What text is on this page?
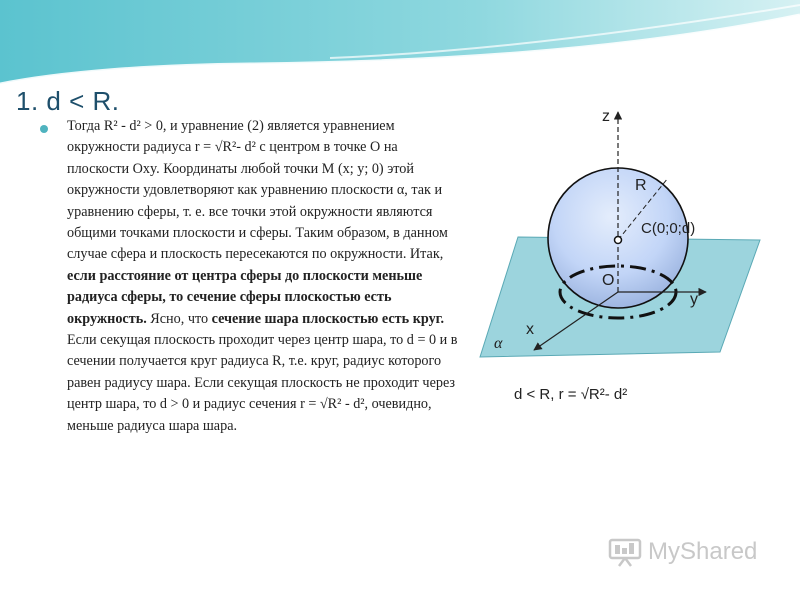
1. d < R.
Тогда R² - d² > 0, и уравнение (2) является уравнением окружности радиуса r = √R²- d² с центром в точке O на плоскости Oxy. Координаты любой точки M (x; y; 0) этой окружности удовлетворяют как уравнению плоскости α, так и уравнению сферы, т. е. все точки этой окружности являются общими точками плоскости и сферы. Таким образом, в данном случае сфера и плоскость пересекаются по окружности. Итак, если расстояние от центра сферы до плоскости меньше радиуса сферы, то сечение сферы плоскостью есть окружность. Ясно, что сечение шара плоскостью есть круг. Если секущая плоскость проходит через центр шара, то d = 0 и в сечении получается круг радиуса R, т.е. круг, радиус которого равен радиусу шара. Если секущая плоскость не проходит через центр шара, то d > 0 и радиус сечения r = √R² - d², очевидно, меньше радиуса шара шара.
z
R
C(0;0;d)
O
y
x
α
d < R, r = √R²- d²
MyShared
